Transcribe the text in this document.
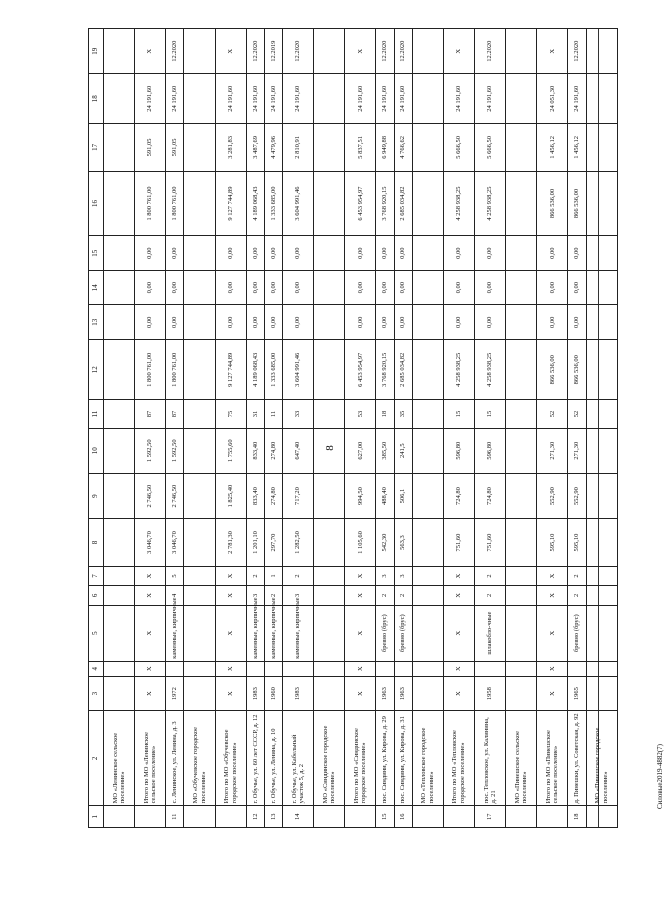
8
Силовые2019-4882(7)
1	2	3	4	5	6	7	8	9	10	11	12	13	14	15	16	17	18	19
	МО «Ленинское сельское поселение»																	
	Итого по МО «Ленинское сельское поселение»	X	X	X	X	X	3 046,70	2 746,50	1 592,50	87	1 800 761,00	0,00	0,00	0,00	1 800 761,00	591,05	24 191,60	X
11	с. Ленинское, ул. Ленина, д. 3	1972		каменные, кирпичные	4	5	3 046,70	2 746,50	1 592,50	87	1 800 761,00	0,00	0,00	0,00	1 800 761,00	591,05	24 191,60	12.2020
	МО «Обучевское городское поселение»																	
	Итого по МО «Обучевское городское поселение»	X	X	X	X	X	2 781,30	1 825,40	1 755,60	75	9 127 744,89	0,00	0,00	0,00	9 127 744,89	3 281,83	24 191,60	X
12	г. Обучье, ул. 60 лет СССР, д. 12	1983		каменные, кирпичные	3	2	1 201,10	833,40	833,40	31	4 189 068,43	0,00	0,00	0,00	4 189 068,43	3 487,69	24 191,60	12.2020
13	г. Обучье, ул. Ленина, д. 10	1960		каменные, кирпичные	2	1	297,70	274,80	274,80	11	1 333 685,00	0,00	0,00	0,00	1 333 685,00	4 479,96	24 191,60	12.2019
14	г. Обучье, ул. Кабельный участок 5, д. 2	1983		каменные, кирпичные	3	2	1 282,50	717,20	647,40	33	3 604 991,46	0,00	0,00	0,00	3 604 991,46	2 810,91	24 191,60	12.2020
	МО «Синдинское городское поселение»																	
	Итого по МО «Синдинское городское поселение»	X	X	X	X	X	1 105,60	994,50	627,00	53	6 453 954,97	0,00	0,00	0,00	6 453 954,97	5 837,51	24 191,60	X
15	пос. Синдини, ул. Кирова, д. 29	1963		бревно (брус)	2	3	542,30	488,40	385,50	18	3 768 920,15	0,00	0,00	0,00	3 768 920,15	6 949,88	24 191,60	12.2020
16	пос. Синдини, ул. Кирова, д. 31	1963		бревно (брус)	2	3	563,3	506,1	241,5	35	2 685 034,82	0,00	0,00	0,00	2 685 034,82	4 766,62	24 191,60	12.2020
	МО «Тепловское городское поселение»																	
	Итого по МО «Тепловское городское поселение»	X	X	X	X	X	751,60	724,80	596,80	15	4 258 938,25	0,00	0,00	0,00	4 258 938,25	5 666,50	24 191,60	X
17	пос. Тепловское, ул. Калинина, д. 21	1958		шлакобло-чные	2	2	751,60	724,80	596,80	15	4 258 938,25	0,00	0,00	0,00	4 258 938,25	5 666,50	24 191,60	12.2020
	МО «Пинешское сельское поселение»																	
	Итого по МО «Пинешское сельское поселение»	X	X	X	X	X	595,10	552,90	271,30	52	866 536,00	0,00	0,00	0,00	866 536,00	1 456,12	24 051,30	X
18	д. Пинешки, ул. Советская, д. 92	1965		бревно (брус)	2	2	595,10	552,90	271,30	52	866 536,00	0,00	0,00	0,00	866 536,00	1 456,12	24 191,60	12.2020
	МО «Пинешское городское поселение»																	
